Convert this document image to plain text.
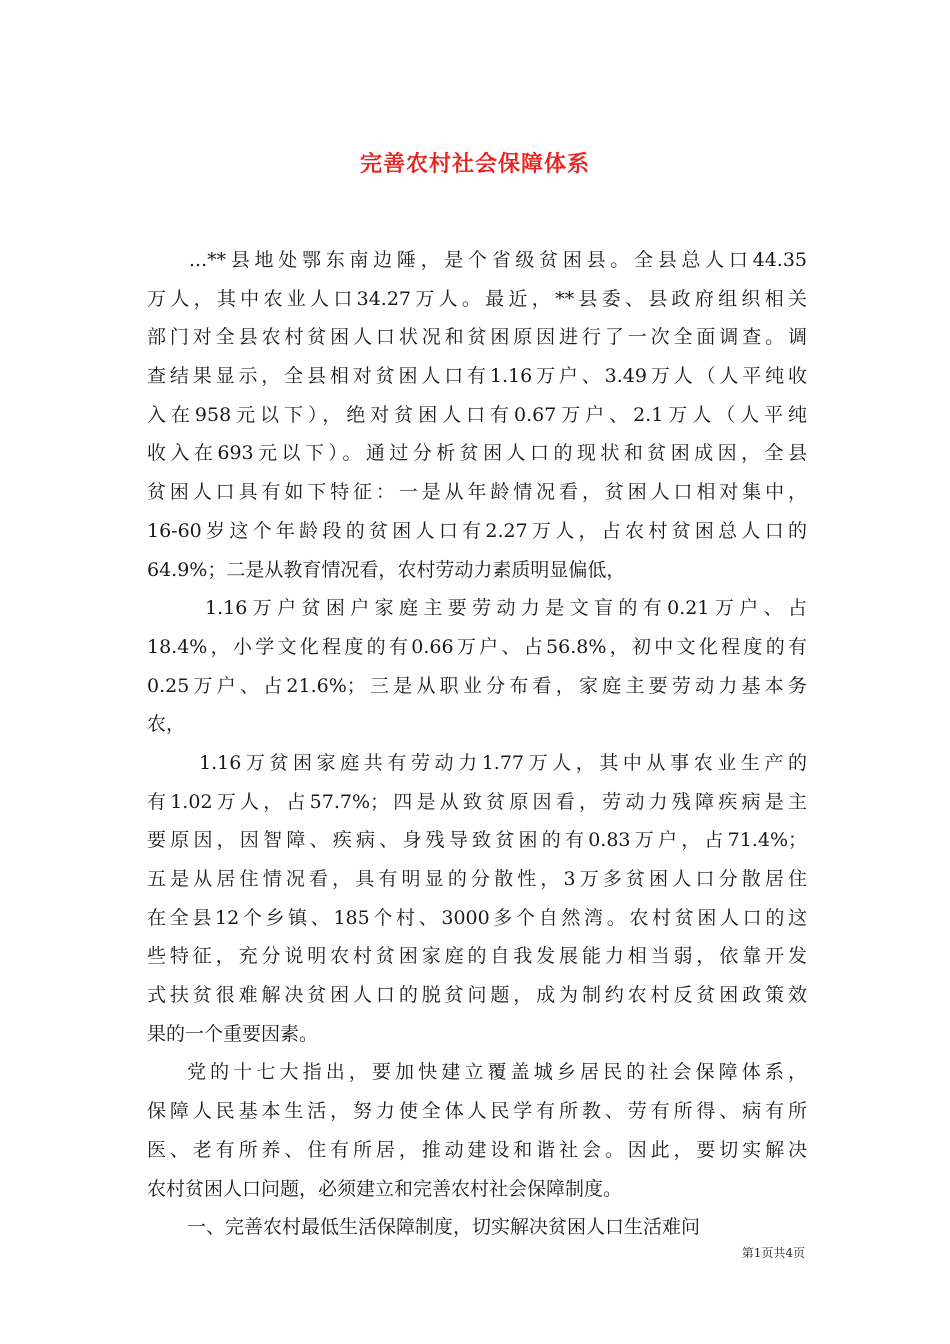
完善农村社会保障体系
...**县地处鄂东南边陲，是个省级贫困县。全县总人口44.35
万人，其中农业人口34.27万人。最近，**县委、县政府组织相关
部门对全县农村贫困人口状况和贫困原因进行了一次全面调查。调
查结果显示，全县相对贫困人口有1.16万户、3.49万人（人平纯收
入在958元以下），绝对贫困人口有0.67万户、2.1万人（人平纯
收入在693元以下）。通过分析贫困人口的现状和贫困成因，全县
贫困人口具有如下特征：一是从年龄情况看，贫困人口相对集中，
16-60岁这个年龄段的贫困人口有2.27万人，占农村贫困总人口的
64.9%；二是从教育情况看，农村劳动力素质明显偏低，
1.16万户贫困户家庭主要劳动力是文盲的有0.21万户、占
18.4%，小学文化程度的有0.66万户、占56.8%，初中文化程度的有
0.25万户、占21.6%；三是从职业分布看，家庭主要劳动力基本务
农，
1.16万贫困家庭共有劳动力1.77万人，其中从事农业生产的
有1.02万人，占57.7%；四是从致贫原因看，劳动力残障疾病是主
要原因，因智障、疾病、身残导致贫困的有0.83万户，占71.4%；
五是从居住情况看，具有明显的分散性，3万多贫困人口分散居住
在全县12个乡镇、185个村、3000多个自然湾。农村贫困人口的这
些特征，充分说明农村贫困家庭的自我发展能力相当弱，依靠开发
式扶贫很难解决贫困人口的脱贫问题，成为制约农村反贫困政策效
果的一个重要因素。
党的十七大指出，要加快建立覆盖城乡居民的社会保障体系，
保障人民基本生活，努力使全体人民学有所教、劳有所得、病有所
医、老有所养、住有所居，推动建设和谐社会。因此，要切实解决
农村贫困人口问题，必须建立和完善农村社会保障制度。
一、完善农村最低生活保障制度，切实解决贫困人口生活难问
第1页共4页
